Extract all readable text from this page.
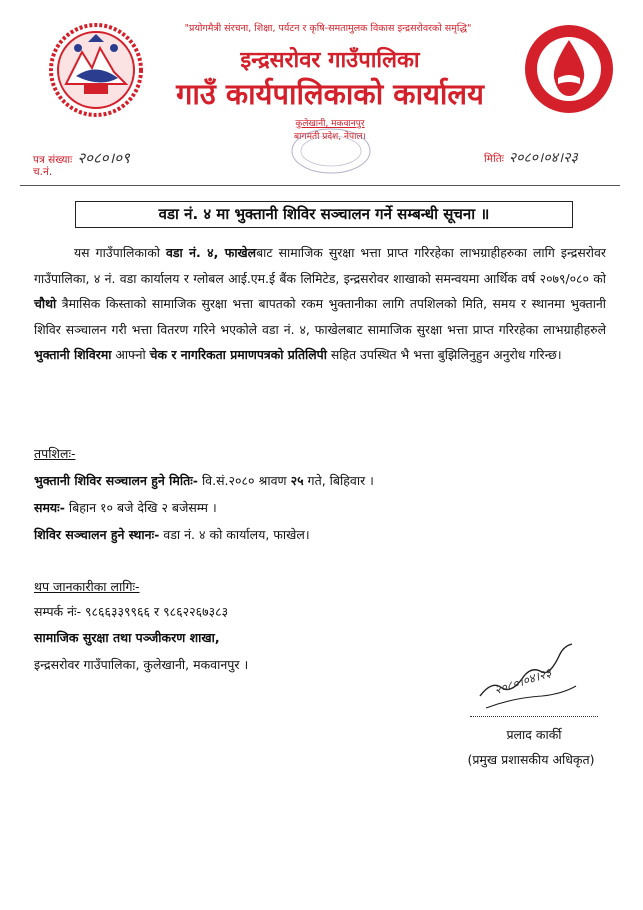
"प्रयोगमैत्री संरचना, शिक्षा, पर्यटन र कृषि-समतामुलक विकास इन्द्रसरोवरको समृद्धि"
इन्द्रसरोवर गाउँपालिका
गाउँ कार्यपालिकाको कार्यालय
कुलेखानी, मकवानपुर
बागमती प्रदेश, नेपाल।
पत्र संख्याः २०८०।०९
च.नं.
मितिः २०८०।०४।२३
वडा नं. ४ मा भुक्तानी शिविर सञ्चालन गर्ने सम्बन्धी सूचना ॥

यस गाउँपालिकाको वडा नं. ४, फाखेलबाट सामाजिक सुरक्षा भत्ता प्राप्त गरिरहेका लाभग्राहीहरुका लागि इन्द्रसरोवर गाउँपालिका, ४ नं. वडा कार्यालय र ग्लोबल आई.एम.ई बैंक लिमिटेड, इन्द्रसरोवर शाखाको समन्वयमा आर्थिक वर्ष २०७९/०८० को चौथो त्रैमासिक किस्ताको सामाजिक सुरक्षा भत्ता बापतको रकम भुक्तानीका लागि तपशिलको मिति, समय र स्थानमा भुक्तानी शिविर सञ्चालन गरी भत्ता वितरण गरिने भएकोले वडा नं. ४, फाखेलबाट सामाजिक सुरक्षा भत्ता प्राप्त गरिरहेका लाभग्राहीहरुले भुक्तानी शिविरमा आफ्नो चेक र नागरिकता प्रमाणपत्रको प्रतिलिपी सहित उपस्थित भै भत्ता बुझिलिनुहुन अनुरोध गरिन्छ।

तपशिलः-
भुक्तानी शिविर सञ्चालन हुने मितिः- वि.सं.२०८० श्रावण २५ गते, बिहिवार ।
समयः- बिहान १० बजे देखि २ बजेसम्म ।
शिविर सञ्चालन हुने स्थानः- वडा नं. ४ को कार्यालय, फाखेल।
थप जानकारीका लागिः-
सम्पर्क नंः- ९८६६३३९९६६ र ९८६२२६७३८३
सामाजिक सुरक्षा तथा पञ्जीकरण शाखा,
इन्द्रसरोवर गाउँपालिका, कुलेखानी, मकवानपुर ।
२०८०।०४।२३
प्रलाद कार्की
(प्रमुख प्रशासकीय अधिकृत)
